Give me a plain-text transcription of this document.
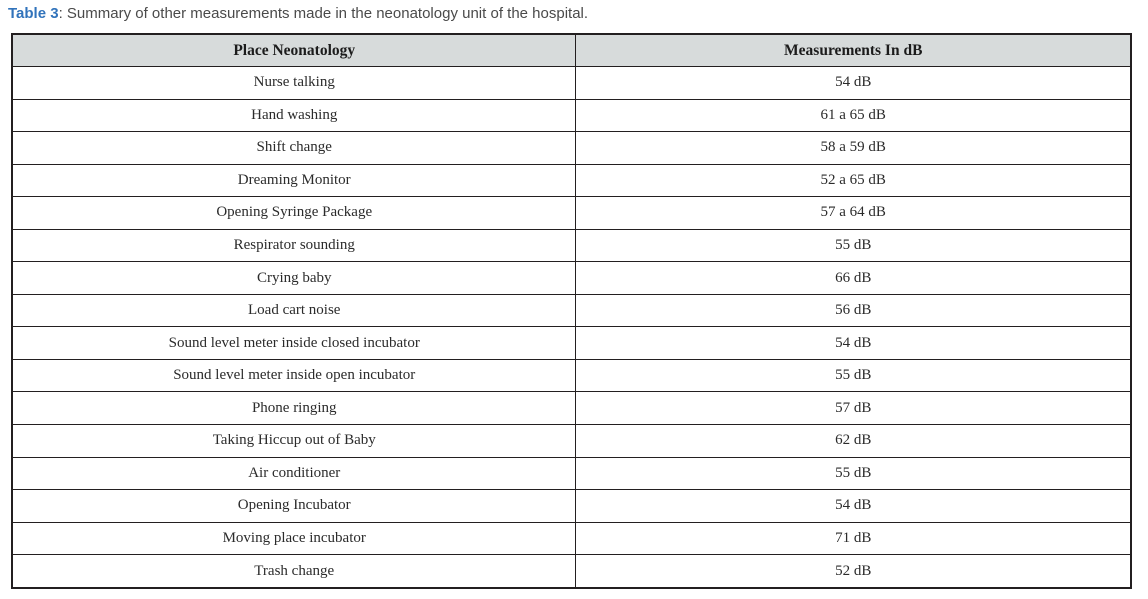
Table 3: Summary of other measurements made in the neonatology unit of the hospital.
Place Neonatology	Measurements In dB
Nurse talking	54 dB
Hand washing	61 a 65 dB
Shift change	58 a 59 dB
Dreaming Monitor	52 a 65 dB
Opening Syringe Package	57 a 64 dB
Respirator sounding	55 dB
Crying baby	66 dB
Load cart noise	56 dB
Sound level meter inside closed incubator	54 dB
Sound level meter inside open incubator	55 dB
Phone ringing	57 dB
Taking Hiccup out of Baby	62 dB
Air conditioner	55 dB
Opening Incubator	54 dB
Moving place incubator	71 dB
Trash change	52 dB
